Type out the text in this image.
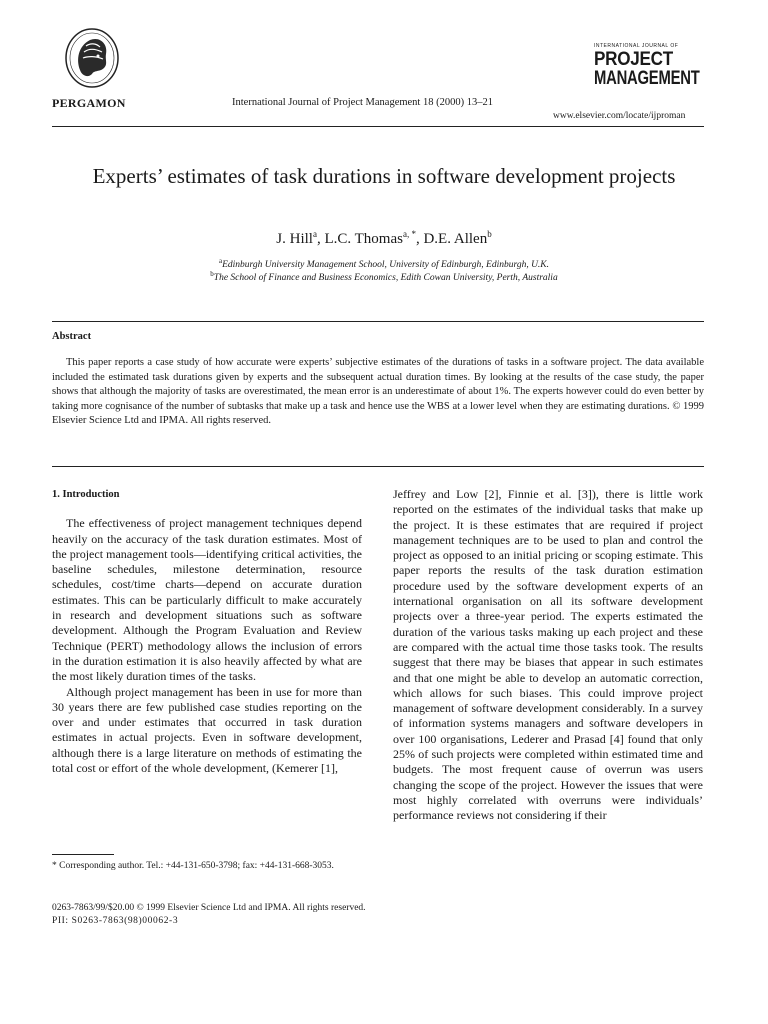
PERGAMON	International Journal of Project Management 18 (2000) 13–21
INTERNATIONAL JOURNAL OF
PROJECT
MANAGEMENT
www.elsevier.com/locate/ijproman
Experts’ estimates of task durations in software development projects
J. Hill$^a$, L.C. Thomas$^{a, *}$, D.E. Allen$^b$
$^a$Edinburgh University Management School, University of Edinburgh, Edinburgh, U.K.
$^b$The School of Finance and Business Economics, Edith Cowan University, Perth, Australia
Abstract
This paper reports a case study of how accurate were experts’ subjective estimates of the durations of tasks in a software project. The data available included the estimated task durations given by experts and the subsequent actual duration times. By looking at the results of the case study, the paper shows that although the majority of tasks are overestimated, the mean error is an underestimate of about 1%. The experts however could do even better by taking more cognisance of the number of subtasks that make up a task and hence use the WBS at a lower level when they are estimating durations. © 1999 Elsevier Science Ltd and IPMA. All rights reserved.
1. Introduction

The effectiveness of project management techniques depend heavily on the accuracy of the task duration estimates. Most of the project management tools—identifying critical activities, the baseline schedules, milestone determination, resource schedules, cost/time charts—depend on accurate duration estimates. This can be particularly difficult to make accurately in research and development situations such as software development. Although the Program Evaluation and Review Technique (PERT) methodology allows the inclusion of errors in the duration estimation it is also heavily affected by what are the most likely duration times of the tasks.

Although project management has been in use for more than 30 years there are few published case studies reporting on the over and under estimates that occurred in task duration estimates in actual projects. Even in software development, although there is a large literature on methods of estimating the total cost or effort of the whole development, (Kemerer [1],

Jeffrey and Low [2], Finnie et al. [3]), there is little work reported on the estimates of the individual tasks that make up the project. It is these estimates that are required if project management techniques are to be used to plan and control the project as opposed to an initial pricing or scoping estimate. This paper reports the results of the task duration estimation procedure used by the software development experts of an international organisation on all its software development projects over a three-year period. The experts estimated the duration of the various tasks making up each project and these are compared with the actual time those tasks took. The results suggest that there may be biases that appear in such estimates and that one might be able to develop an automatic correction, which allows for such biases. This could improve project management of software development considerably. In a survey of information systems managers and software developers in over 100 organisations, Lederer and Prasad [4] found that only 25% of such projects were completed within estimated time and budgets. The most frequent cause of overrun was users changing the scope of the project. However the issues that were most highly correlated with overruns were individuals’ performance reviews not considering if their

* Corresponding author. Tel.: +44-131-650-3798; fax: +44-131-668-3053.
0263-7863/99/$20.00 © 1999 Elsevier Science Ltd and IPMA. All rights reserved.
PII: S0263-7863(98)00062-3
